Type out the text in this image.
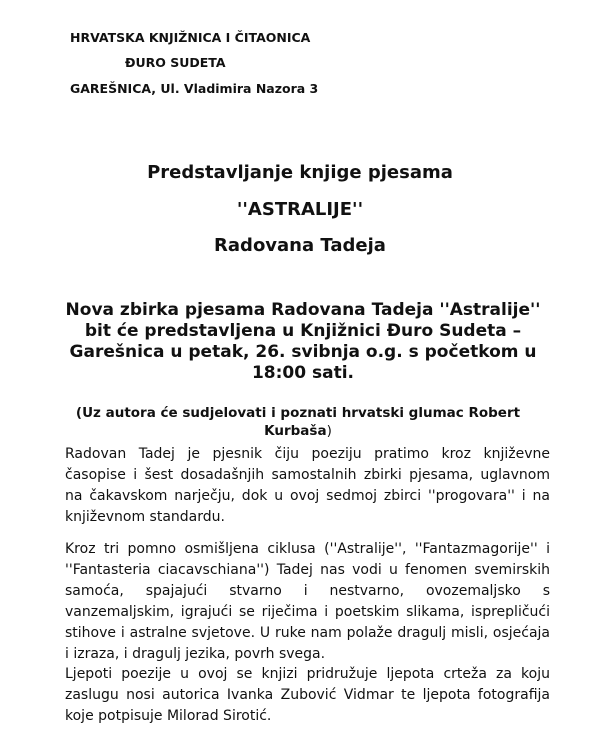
HRVATSKA KNJIŽNICA I ČITAONICA
ĐURO SUDETA
GAREŠNICA, Ul. Vladimira Nazora 3
Predstavljanje knjige pjesama
''ASTRALIJE''
Radovana Tadeja
Nova zbirka pjesama Radovana Tadeja ''Astralije'' bit će predstavljena u Knjižnici Đuro Sudeta – Garešnica u petak, 26. svibnja o.g. s početkom u 18:00 sati.
(Uz autora će sudjelovati i poznati hrvatski glumac Robert Kurbaša)
Radovan Tadej je pjesnik čiju poeziju pratimo kroz književne časopise i šest dosadašnjih samostalnih zbirki pjesama, uglavnom na čakavskom narječju, dok u ovoj sedmoj zbirci ''progovara'' i na književnom standardu.
Kroz tri pomno osmišljena ciklusa (''Astralije'', ''Fantazmagorije'' i ''Fantasteria ciacavschiana'') Tadej nas vodi u fenomen svemirskih samoća, spajajući stvarno i nestvarno, ovozemaljsko s vanzemaljskim, igrajući se riječima i poetskim slikama, isprepličući stihove i astralne svjetove. U ruke nam polaže dragulj misli, osjećaja i izraza, i dragulj jezika, povrh svega.
Ljepoti poezije u ovoj se knjizi pridružuje ljepota crteža za koju zaslugu nosi autorica Ivanka Zubović Vidmar te ljepota fotografija koje potpisuje Milorad Sirotić.
